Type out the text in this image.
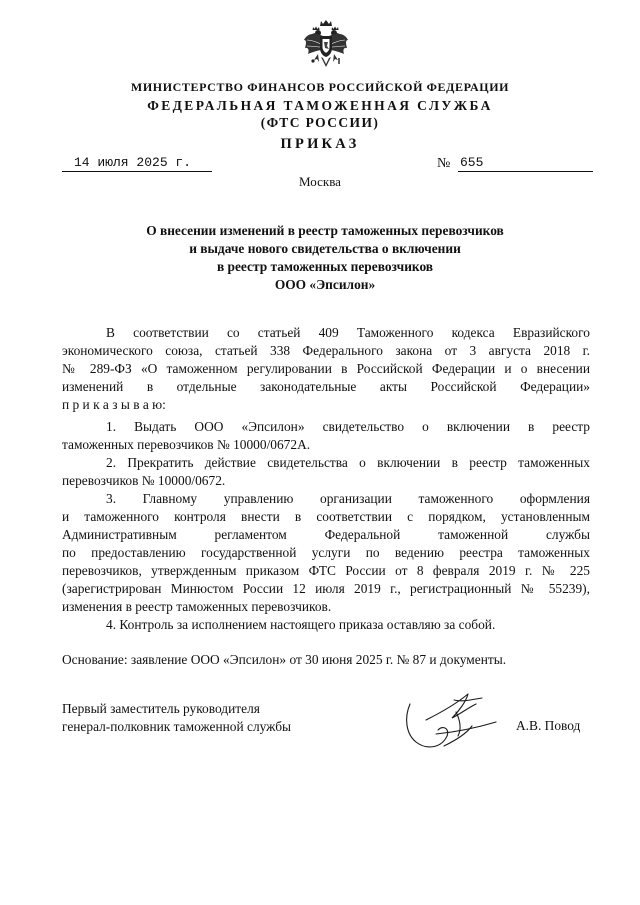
МИНИСТЕРСТВО ФИНАНСОВ РОССИЙСКОЙ ФЕДЕРАЦИИ
ФЕДЕРАЛЬНАЯ ТАМОЖЕННАЯ СЛУЖБА
(ФТС РОССИИ)
ПРИКАЗ
14 июля 2025 г.	№ 655
Москва
О внесении изменений в реестр таможенных перевозчиков
и выдаче нового свидетельства о включении
в реестр таможенных перевозчиков
ООО «Эпсилон»
В соответствии со статьей 409 Таможенного кодекса Евразийского
экономического союза, статьей 338 Федерального закона от 3 августа 2018 г.
№ 289-ФЗ «О таможенном регулировании в Российской Федерации и о внесении
изменений в отдельные законодательные акты Российской Федерации»
п р и к а з ы в а ю:
1. Выдать ООО «Эпсилон» свидетельство о включении в реестр
таможенных перевозчиков № 10000/0672А.
2. Прекратить действие свидетельства о включении в реестр таможенных
перевозчиков № 10000/0672.
3. Главному управлению организации таможенного оформления
и таможенного контроля внести в соответствии с порядком, установленным
Административным регламентом Федеральной таможенной службы
по предоставлению государственной услуги по ведению реестра таможенных
перевозчиков, утвержденным приказом ФТС России от 8 февраля 2019 г. № 225
(зарегистрирован Минюстом России 12 июля 2019 г., регистрационный № 55239),
изменения в реестр таможенных перевозчиков.
4. Контроль за исполнением настоящего приказа оставляю за собой.
Основание: заявление ООО «Эпсилон» от 30 июня 2025 г. № 87 и документы.
Первый заместитель руководителя
генерал-полковник таможенной службы	А.В. Повод
